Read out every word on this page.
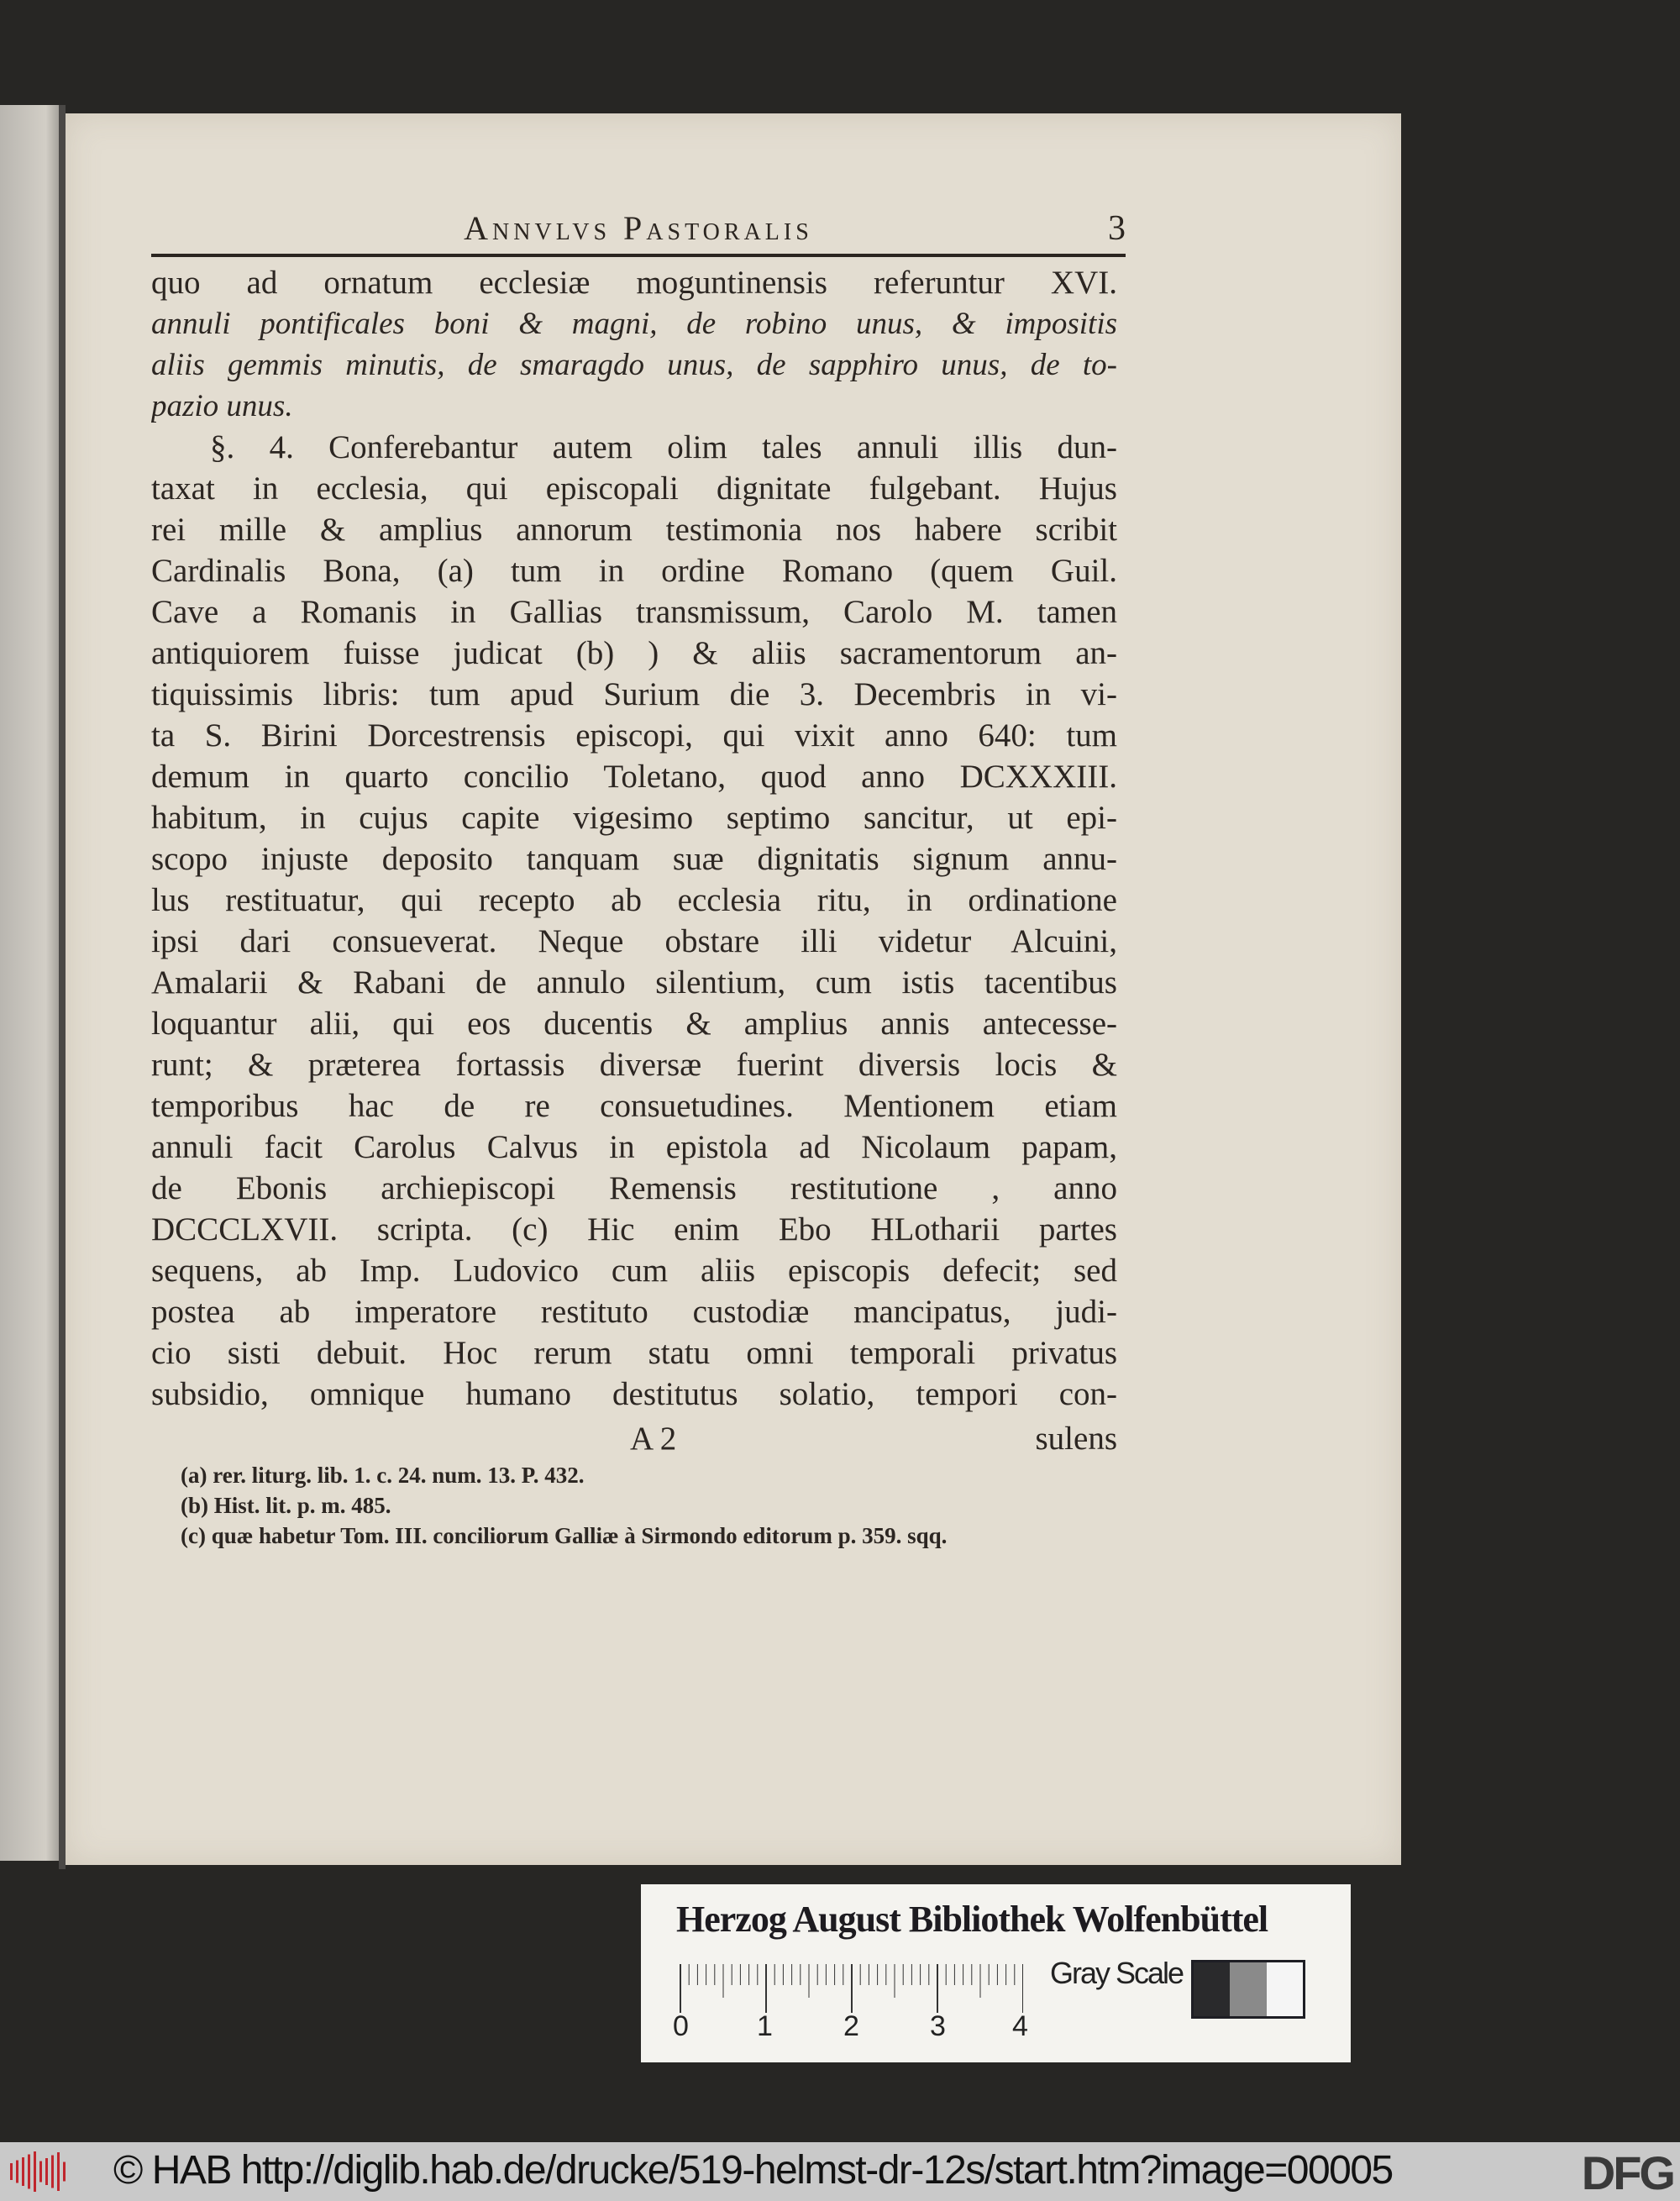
Annvlvs Pastoralis	3
quo ad ornatum ecclesiæ moguntinensis referuntur XVI.
annuli pontificales boni & magni, de robino unus, & impositis
aliis gemmis minutis, de smaragdo unus, de sapphiro unus, de to-
pazio unus.
§. 4. Conferebantur autem olim tales annuli illis dun-
taxat in ecclesia, qui episcopali dignitate fulgebant. Hujus
rei mille & amplius annorum testimonia nos habere scribit
Cardinalis Bona, (a) tum in ordine Romano (quem Guil.
Cave a Romanis in Gallias transmissum, Carolo M. tamen
antiquiorem fuisse judicat (b) ) & aliis sacramentorum an-
tiquissimis libris: tum apud Surium die 3. Decembris in vi-
ta S. Birini Dorcestrensis episcopi, qui vixit anno 640: tum
demum in quarto concilio Toletano, quod anno DCXXXIII.
habitum, in cujus capite vigesimo septimo sancitur, ut epi-
scopo injuste deposito tanquam suæ dignitatis signum annu-
lus restituatur, qui recepto ab ecclesia ritu, in ordinatione
ipsi dari consueverat. Neque obstare illi videtur Alcuini,
Amalarii & Rabani de annulo silentium, cum istis tacentibus
loquantur alii, qui eos ducentis & amplius annis antecesse-
runt; & præterea fortassis diversæ fuerint diversis locis &
temporibus hac de re consuetudines. Mentionem etiam
annuli facit Carolus Calvus in epistola ad Nicolaum papam,
de Ebonis archiepiscopi Remensis restitutione , anno
DCCCLXVII. scripta. (c) Hic enim Ebo HLotharii partes
sequens, ab Imp. Ludovico cum aliis episcopis defecit; sed
postea ab imperatore restituto custodiæ mancipatus, judi-
cio sisti debuit. Hoc rerum statu omni temporali privatus
subsidio, omnique humano destitutus solatio, tempori con-
A 2	sulens
(a) rer. liturg. lib. 1. c. 24. num. 13. P. 432.
(b) Hist. lit. p. m. 485.
(c) quæ habetur Tom. III. conciliorum Galliæ à Sirmondo editorum p. 359. sqq.
Herzog August Bibliothek Wolfenbüttel
0 1 2 3 4
Gray Scale
© HAB http://diglib.hab.de/drucke/519-helmst-dr-12s/start.htm?image=00005	DFG
